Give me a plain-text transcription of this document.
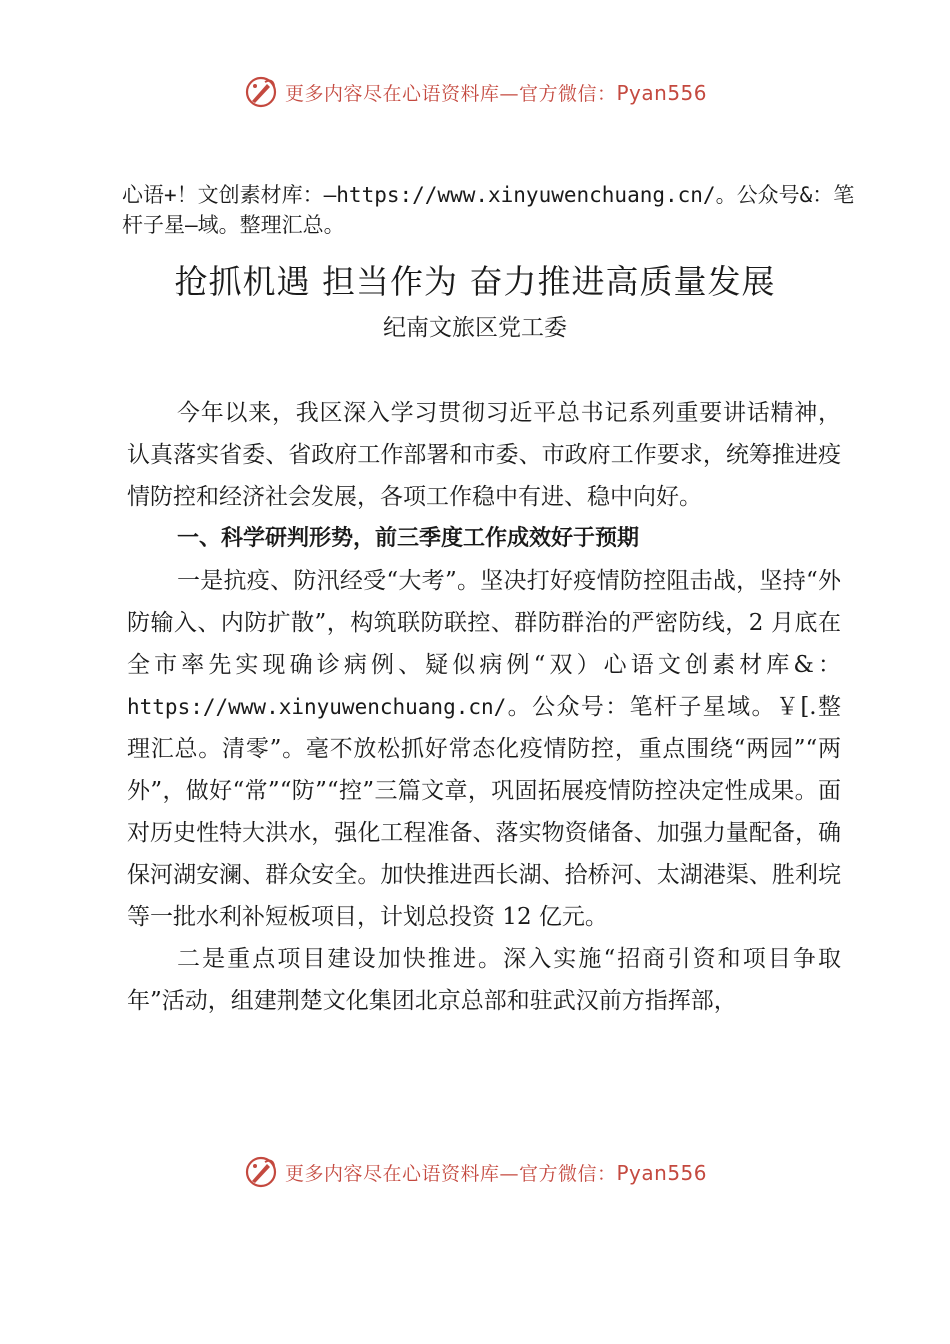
更多内容尽在心语资料库—官方微信：Pyan556
心语+！文创素材库：—https://www.xinyuwenchuang.cn/。公众号&：笔杆子星—域。整理汇总。
抢抓机遇 担当作为 奋力推进高质量发展
纪南文旅区党工委

今年以来，我区深入学习贯彻习近平总书记系列重要讲话精神，认真落实省委、省政府工作部署和市委、市政府工作要求，统筹推进疫情防控和经济社会发展，各项工作稳中有进、稳中向好。

一、科学研判形势，前三季度工作成效好于预期

一是抗疫、防汛经受“大考”。坚决打好疫情防控阻击战，坚持“外防输入、内防扩散”，构筑联防联控、群防群治的严密防线，2 月底在全市率先实现确诊病例、疑似病例“双）心语文创素材库&：https://www.xinyuwenchuang.cn/。公众号：笔杆子星域。￥[.整理汇总。清零”。毫不放松抓好常态化疫情防控，重点围绕“两园”“两外”，做好“常”“防”“控”三篇文章，巩固拓展疫情防控决定性成果。面对历史性特大洪水，强化工程准备、落实物资储备、加强力量配备，确保河湖安澜、群众安全。加快推进西长湖、拾桥河、太湖港渠、胜利垸等一批水利补短板项目，计划总投资 12 亿元。

二是重点项目建设加快推进。深入实施“招商引资和项目争取年”活动，组建荆楚文化集团北京总部和驻武汉前方指挥部，

更多内容尽在心语资料库—官方微信：Pyan556
